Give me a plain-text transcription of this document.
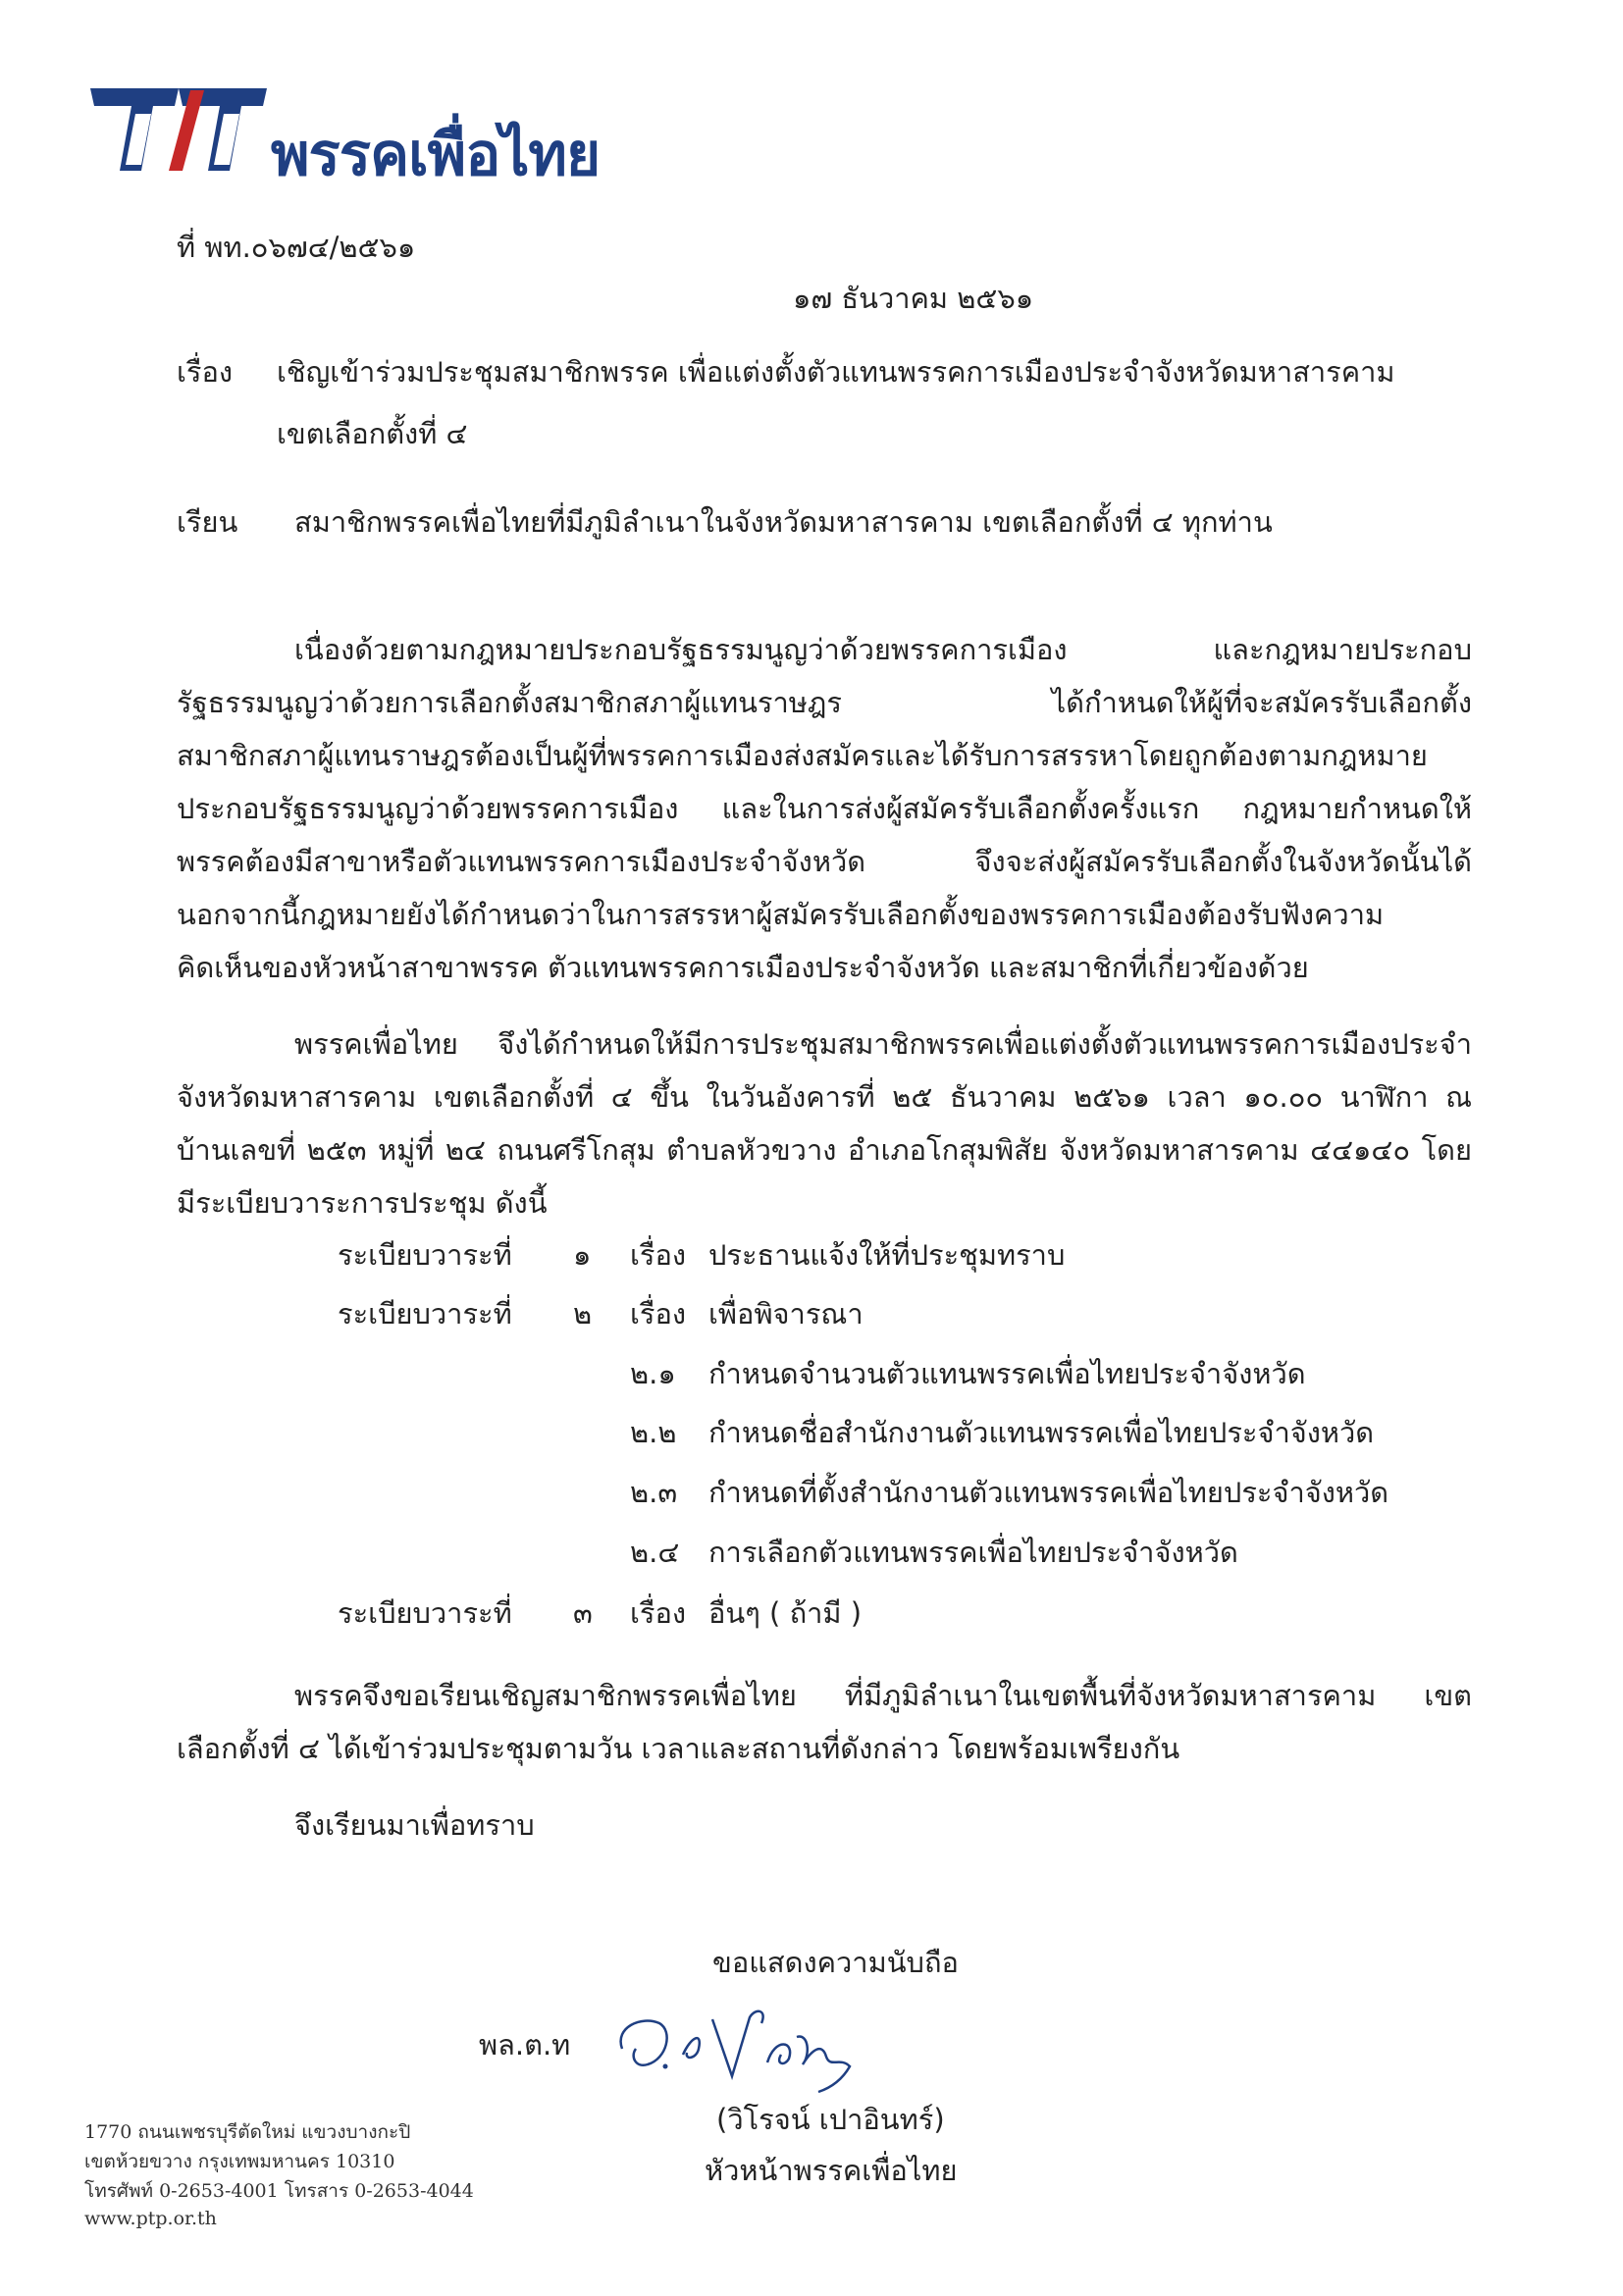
พรรคเพื่อไทย
ที่ พท.๐๖๗๔/๒๕๖๑
๑๗ ธันวาคม ๒๕๖๑
เรื่อง เชิญเข้าร่วมประชุมสมาชิกพรรค เพื่อแต่งตั้งตัวแทนพรรคการเมืองประจำจังหวัดมหาสารคาม
เขตเลือกตั้งที่ ๔
เรียน สมาชิกพรรคเพื่อไทยที่มีภูมิลำเนาในจังหวัดมหาสารคาม เขตเลือกตั้งที่ ๔ ทุกท่าน
เนื่องด้วยตามกฎหมายประกอบรัฐธรรมนูญว่าด้วยพรรคการเมือง และกฎหมายประกอบ
รัฐธรรมนูญว่าด้วยการเลือกตั้งสมาชิกสภาผู้แทนราษฎร ได้กำหนดให้ผู้ที่จะสมัครรับเลือกตั้ง
สมาชิกสภาผู้แทนราษฎรต้องเป็นผู้ที่พรรคการเมืองส่งสมัครและได้รับการสรรหาโดยถูกต้องตามกฎหมาย
ประกอบรัฐธรรมนูญว่าด้วยพรรคการเมือง และในการส่งผู้สมัครรับเลือกตั้งครั้งแรก กฎหมายกำหนดให้
พรรคต้องมีสาขาหรือตัวแทนพรรคการเมืองประจำจังหวัด จึงจะส่งผู้สมัครรับเลือกตั้งในจังหวัดนั้นได้
นอกจากนี้กฎหมายยังได้กำหนดว่าในการสรรหาผู้สมัครรับเลือกตั้งของพรรคการเมืองต้องรับฟังความ
คิดเห็นของหัวหน้าสาขาพรรค ตัวแทนพรรคการเมืองประจำจังหวัด และสมาชิกที่เกี่ยวข้องด้วย
พรรคเพื่อไทย จึงได้กำหนดให้มีการประชุมสมาชิกพรรคเพื่อแต่งตั้งตัวแทนพรรคการเมืองประจำ
จังหวัดมหาสารคาม เขตเลือกตั้งที่ ๔ ขึ้น ในวันอังคารที่ ๒๕ ธันวาคม ๒๕๖๑ เวลา ๑๐.๐๐ นาฬิกา ณ
บ้านเลขที่ ๒๕๓ หมู่ที่ ๒๔ ถนนศรีโกสุม ตำบลหัวขวาง อำเภอโกสุมพิสัย จังหวัดมหาสารคาม ๔๔๑๔๐ โดย
มีระเบียบวาระการประชุม ดังนี้
ระเบียบวาระที่ ๑ เรื่อง ประธานแจ้งให้ที่ประชุมทราบ
ระเบียบวาระที่ ๒ เรื่อง เพื่อพิจารณา
๒.๑ กำหนดจำนวนตัวแทนพรรคเพื่อไทยประจำจังหวัด
๒.๒ กำหนดชื่อสำนักงานตัวแทนพรรคเพื่อไทยประจำจังหวัด
๒.๓ กำหนดที่ตั้งสำนักงานตัวแทนพรรคเพื่อไทยประจำจังหวัด
๒.๔ การเลือกตัวแทนพรรคเพื่อไทยประจำจังหวัด
ระเบียบวาระที่ ๓ เรื่อง อื่นๆ ( ถ้ามี )
พรรคจึงขอเรียนเชิญสมาชิกพรรคเพื่อไทย ที่มีภูมิลำเนาในเขตพื้นที่จังหวัดมหาสารคาม เขต
เลือกตั้งที่ ๔ ได้เข้าร่วมประชุมตามวัน เวลาและสถานที่ดังกล่าว โดยพร้อมเพรียงกัน
จึงเรียนมาเพื่อทราบ
ขอแสดงความนับถือ
พล.ต.ท
(วิโรจน์ เปาอินทร์)
หัวหน้าพรรคเพื่อไทย
1770 ถนนเพชรบุรีตัดใหม่ แขวงบางกะปิ
เขตห้วยขวาง กรุงเทพมหานคร 10310
โทรศัพท์ 0-2653-4001 โทรสาร 0-2653-4044
www.ptp.or.th
